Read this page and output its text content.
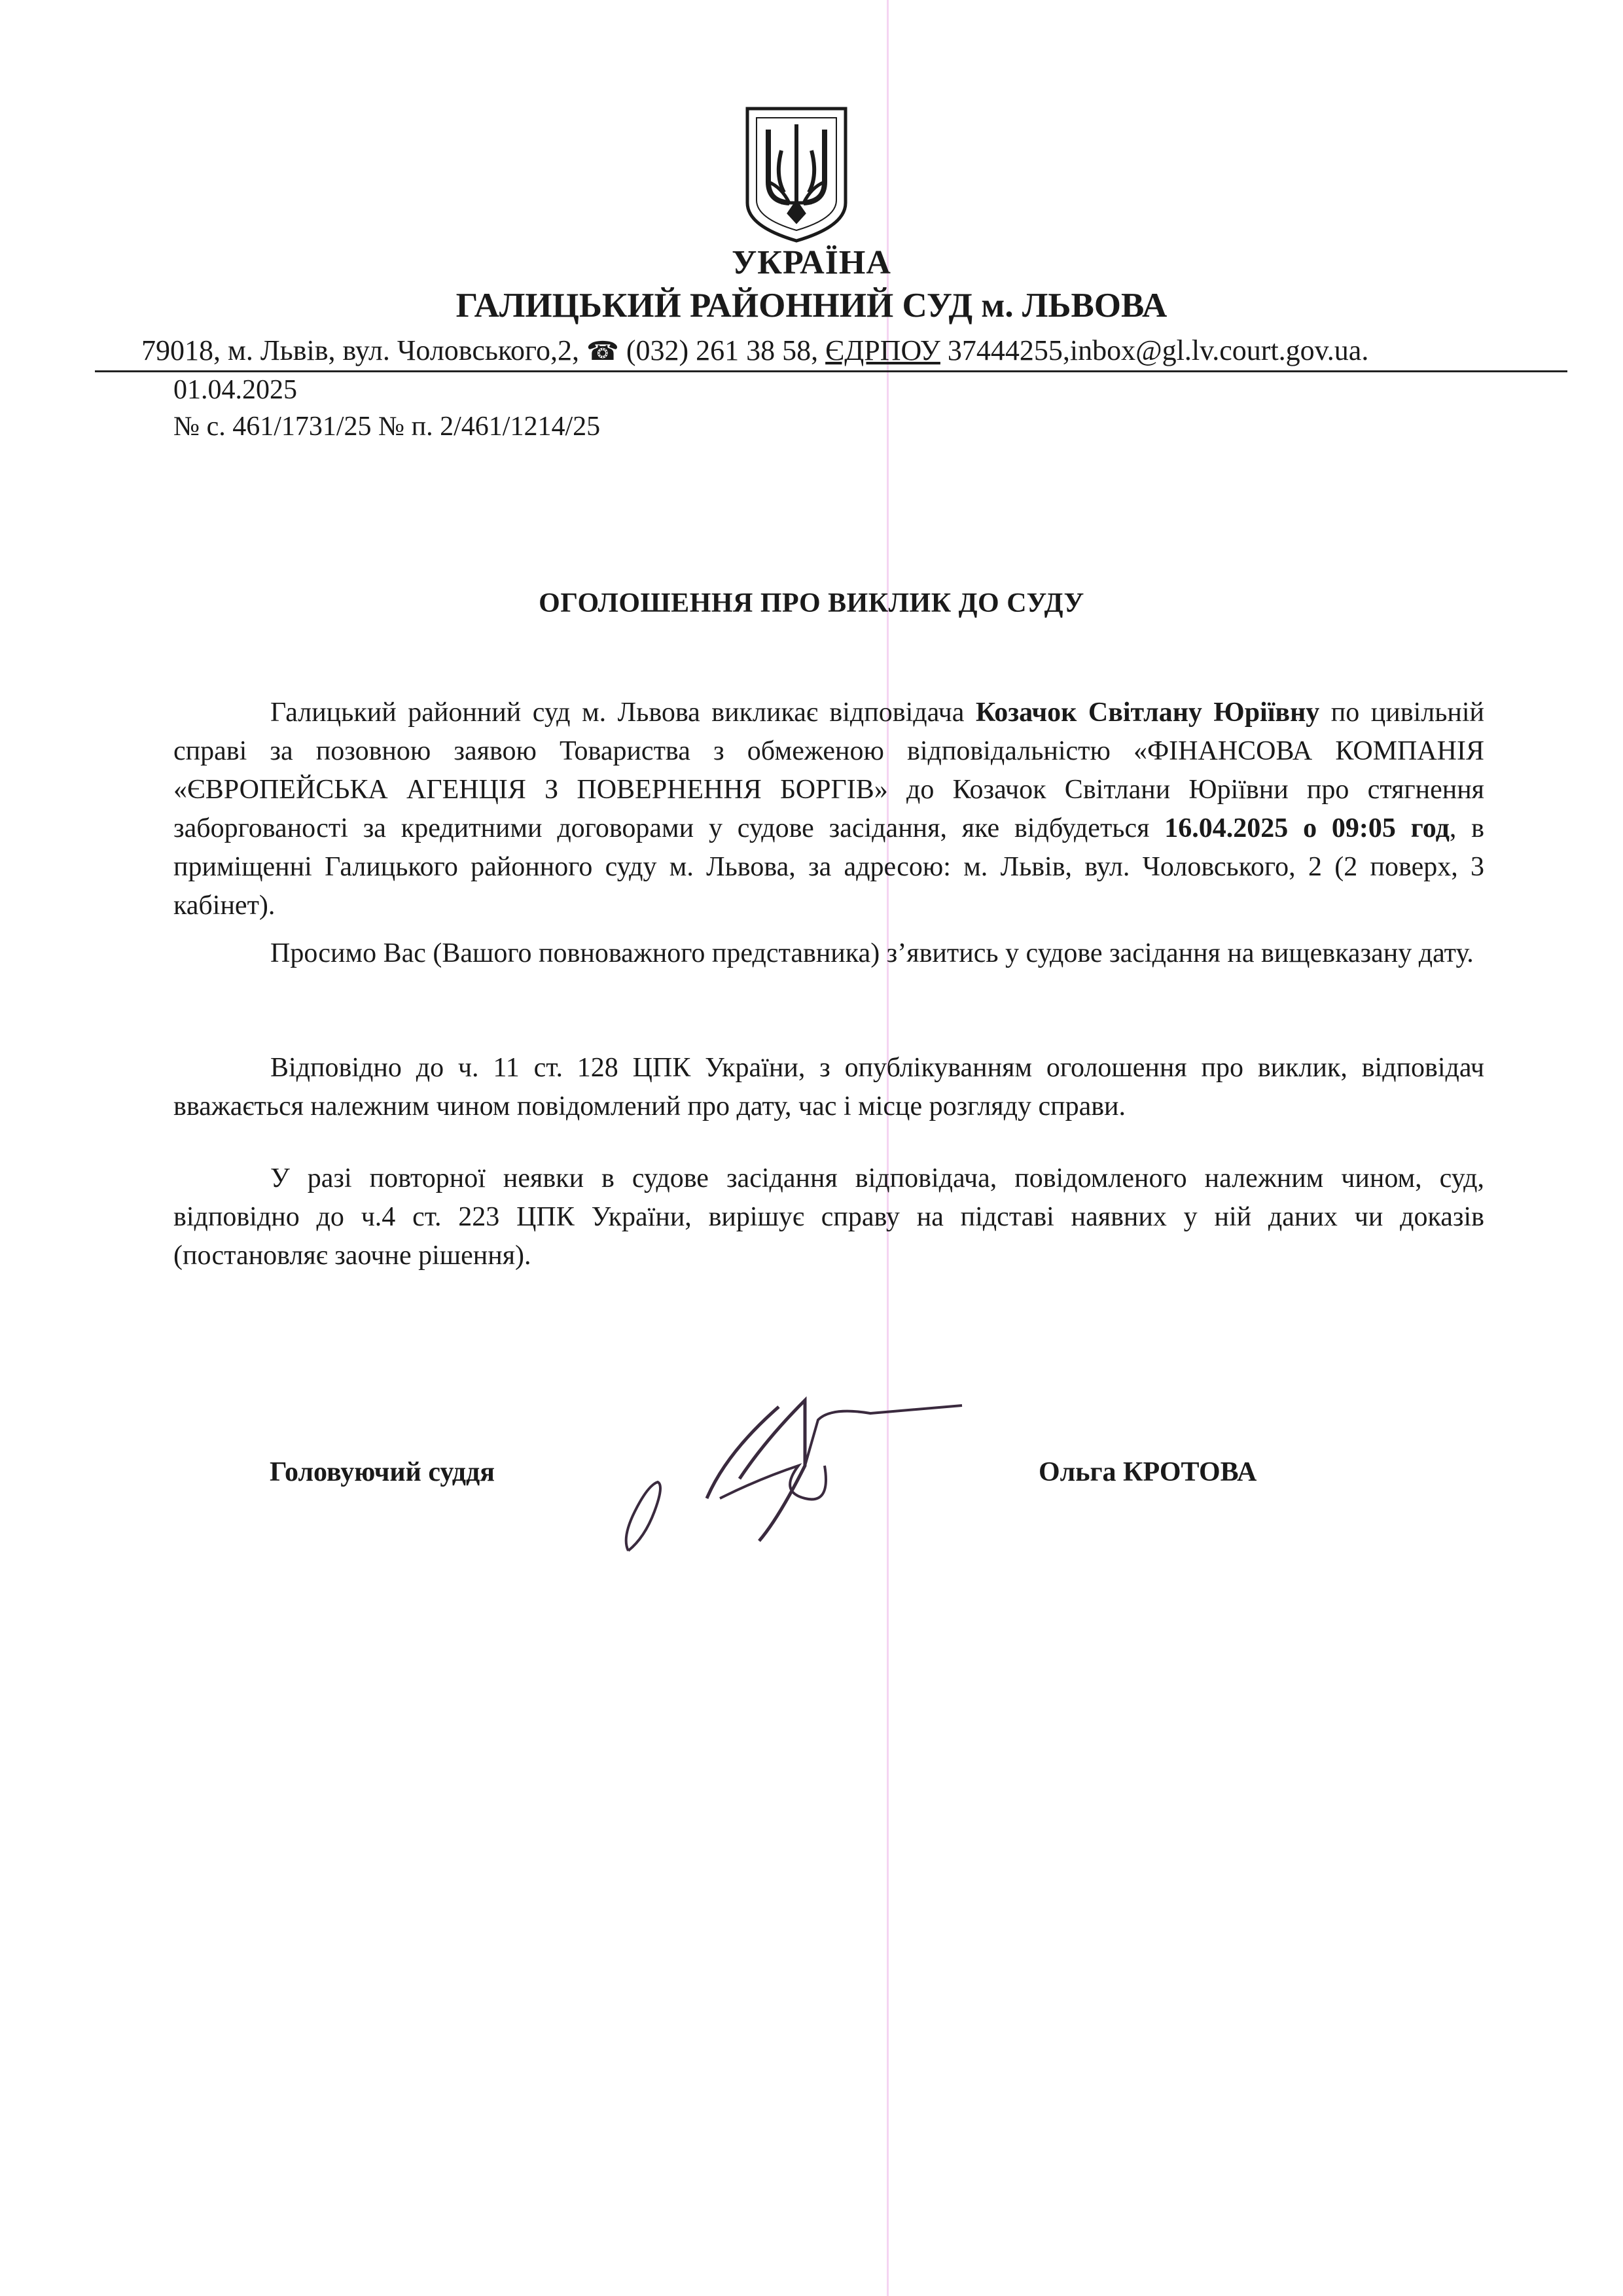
УКРАЇНА
ГАЛИЦЬКИЙ РАЙОННИЙ СУД м. ЛЬВОВА
79018, м. Львів, вул. Чоловського,2, ☎ (032) 261 38 58, ЄДРПОУ 37444255,inbox@gl.lv.court.gov.ua.
01.04.2025
№ с. 461/1731/25 № п. 2/461/1214/25
ОГОЛОШЕННЯ ПРО ВИКЛИК ДО СУДУ

Галицький районний суд м. Львова викликає відповідача Козачок Світлану Юріївну по цивільній справі за позовною заявою Товариства з обмеженою відповідальністю «ФІНАНСОВА КОМПАНІЯ «ЄВРОПЕЙСЬКА АГЕНЦІЯ З ПОВЕРНЕННЯ БОРГІВ» до Козачок Світлани Юріївни про стягнення заборгованості за кредитними договорами у судове засідання, яке відбудеться 16.04.2025 о 09:05 год, в приміщенні Галицького районного суду м. Львова, за адресою: м. Львів, вул. Чоловського, 2 (2 поверх, 3 кабінет).

Просимо Вас (Вашого повноважного представника) з’явитись у судове засідання на вищевказану дату.

Відповідно до ч. 11 ст. 128 ЦПК України, з опублікуванням оголошення про виклик, відповідач вважається належним чином повідомлений про дату, час і місце розгляду справи.

У разі повторної неявки в судове засідання відповідача, повідомленого належним чином, суд, відповідно до ч.4 ст. 223 ЦПК України, вирішує справу на підставі наявних у ній даних чи доказів (постановляє заочне рішення).

Головуючий суддя	Ольга КРОТОВА
